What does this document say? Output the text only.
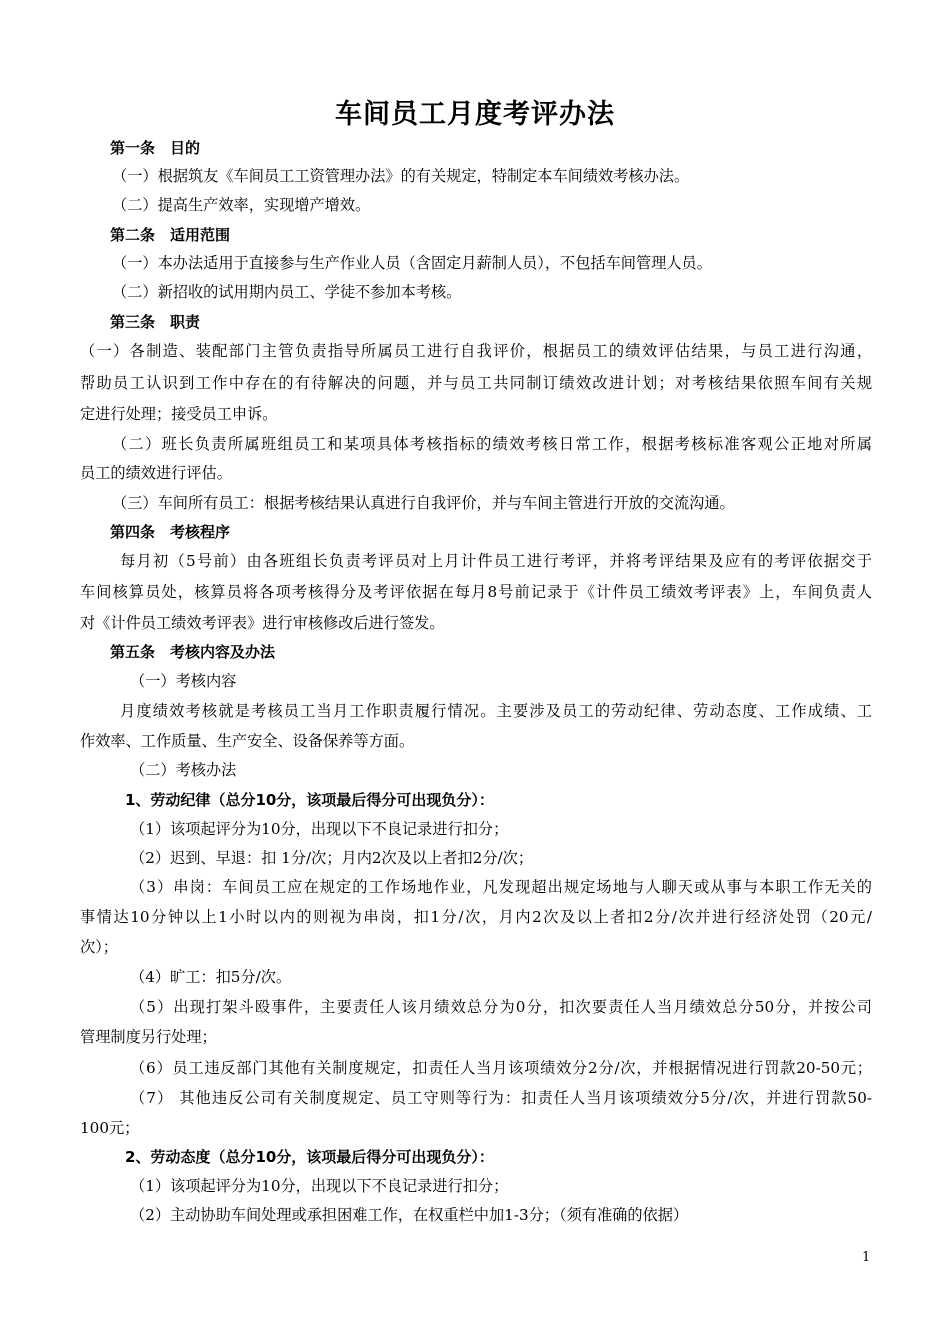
车间员工月度考评办法
第一条　目的
（一）根据筑友《车间员工工资管理办法》的有关规定，特制定本车间绩效考核办法。
（二）提高生产效率，实现增产增效。
第二条　适用范围
（一）本办法适用于直接参与生产作业人员（含固定月薪制人员），不包括车间管理人员。
（二）新招收的试用期内员工、学徒不参加本考核。
第三条　职责
（一）各制造、装配部门主管负责指导所属员工进行自我评价，根据员工的绩效评估结果，与员工进行沟通，
帮助员工认识到工作中存在的有待解决的问题，并与员工共同制订绩效改进计划；对考核结果依照车间有关规
定进行处理；接受员工申诉。
（二）班长负责所属班组员工和某项具体考核指标的绩效考核日常工作，根据考核标准客观公正地对所属
员工的绩效进行评估。
（三）车间所有员工：根据考核结果认真进行自我评价，并与车间主管进行开放的交流沟通。
第四条　考核程序
每月初（5号前）由各班组长负责考评员对上月计件员工进行考评，并将考评结果及应有的考评依据交于
车间核算员处，核算员将各项考核得分及考评依据在每月8号前记录于《计件员工绩效考评表》上，车间负责人
对《计件员工绩效考评表》进行审核修改后进行签发。
第五条　考核内容及办法
（一）考核内容
月度绩效考核就是考核员工当月工作职责履行情况。主要涉及员工的劳动纪律、劳动态度、工作成绩、工
作效率、工作质量、生产安全、设备保养等方面。
（二）考核办法
1、劳动纪律（总分10分，该项最后得分可出现负分）：
（1）该项起评分为10分，出现以下不良记录进行扣分；
（2）迟到、早退：扣 1分/次；月内2次及以上者扣2分/次；
（3）串岗：车间员工应在规定的工作场地作业，凡发现超出规定场地与人聊天或从事与本职工作无关的
事情达10分钟以上1小时以内的则视为串岗，扣1分/次，月内2次及以上者扣2分/次并进行经济处罚（20元/
次）；
（4）旷工：扣5分/次。
（5）出现打架斗殴事件，主要责任人该月绩效总分为0分，扣次要责任人当月绩效总分50分，并按公司
管理制度另行处理；
（6）员工违反部门其他有关制度规定，扣责任人当月该项绩效分2分/次，并根据情况进行罚款20-50元；
（7） 其他违反公司有关制度规定、员工守则等行为：扣责任人当月该项绩效分5分/次，并进行罚款50-
100元；
2、劳动态度（总分10分，该项最后得分可出现负分）：
（1）该项起评分为10分，出现以下不良记录进行扣分；
（2）主动协助车间处理或承担困难工作，在权重栏中加1-3分；（须有准确的依据）
1
